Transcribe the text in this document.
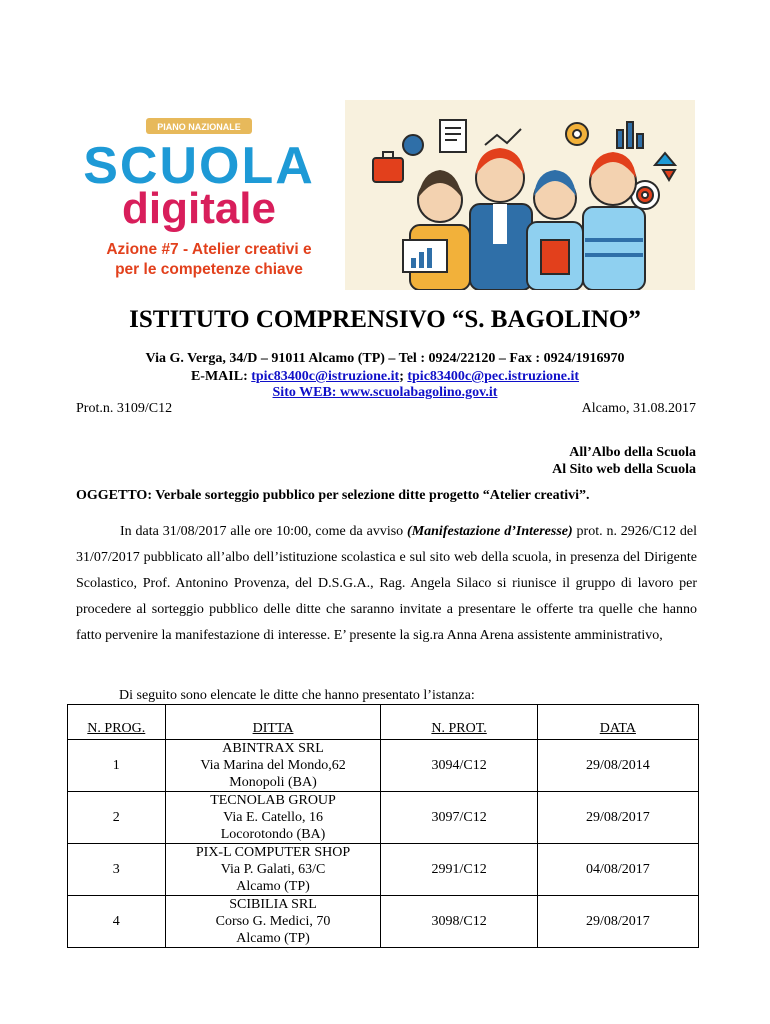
PIANO NAZIONALE
SCUOLA
digitale
Azione #7 - Atelier creativi e
per le competenze chiave
ISTITUTO COMPRENSIVO “S. BAGOLINO”
Via G. Verga, 34/D – 91011 Alcamo (TP) – Tel : 0924/22120 – Fax : 0924/1916970
E-MAIL: tpic83400c@istruzione.it; tpic83400c@pec.istruzione.it
Sito WEB: www.scuolabagolino.gov.it
Prot.n. 3109/C12	Alcamo, 31.08.2017
All’Albo della Scuola
Al Sito web della Scuola
OGGETTO: Verbale sorteggio pubblico per selezione ditte progetto “Atelier creativi”.
In data 31/08/2017 alle ore 10:00, come da avviso (Manifestazione d’Interesse) prot. n. 2926/C12 del 31/07/2017 pubblicato all’albo dell’istituzione scolastica e sul sito web della scuola, in presenza del Dirigente Scolastico, Prof. Antonino Provenza, del D.S.G.A., Rag. Angela Silaco si riunisce il gruppo di lavoro per procedere al sorteggio pubblico delle ditte che saranno invitate a presentare le offerte tra quelle che hanno fatto pervenire la manifestazione di interesse. E’ presente la sig.ra Anna Arena assistente amministrativo,
Di seguito sono elencate le ditte che hanno presentato l’istanza:
N. PROG.	DITTA	N. PROT.	DATA
1	ABINTRAX SRL
Via Marina del Mondo,62
Monopoli (BA)	3094/C12	29/08/2014
2	TECNOLAB GROUP
Via E. Catello, 16
Locorotondo (BA)	3097/C12	29/08/2017
3	PIX-L COMPUTER SHOP
Via P. Galati, 63/C
Alcamo (TP)	2991/C12	04/08/2017
4	SCIBILIA SRL
Corso G. Medici, 70
Alcamo (TP)	3098/C12	29/08/2017
